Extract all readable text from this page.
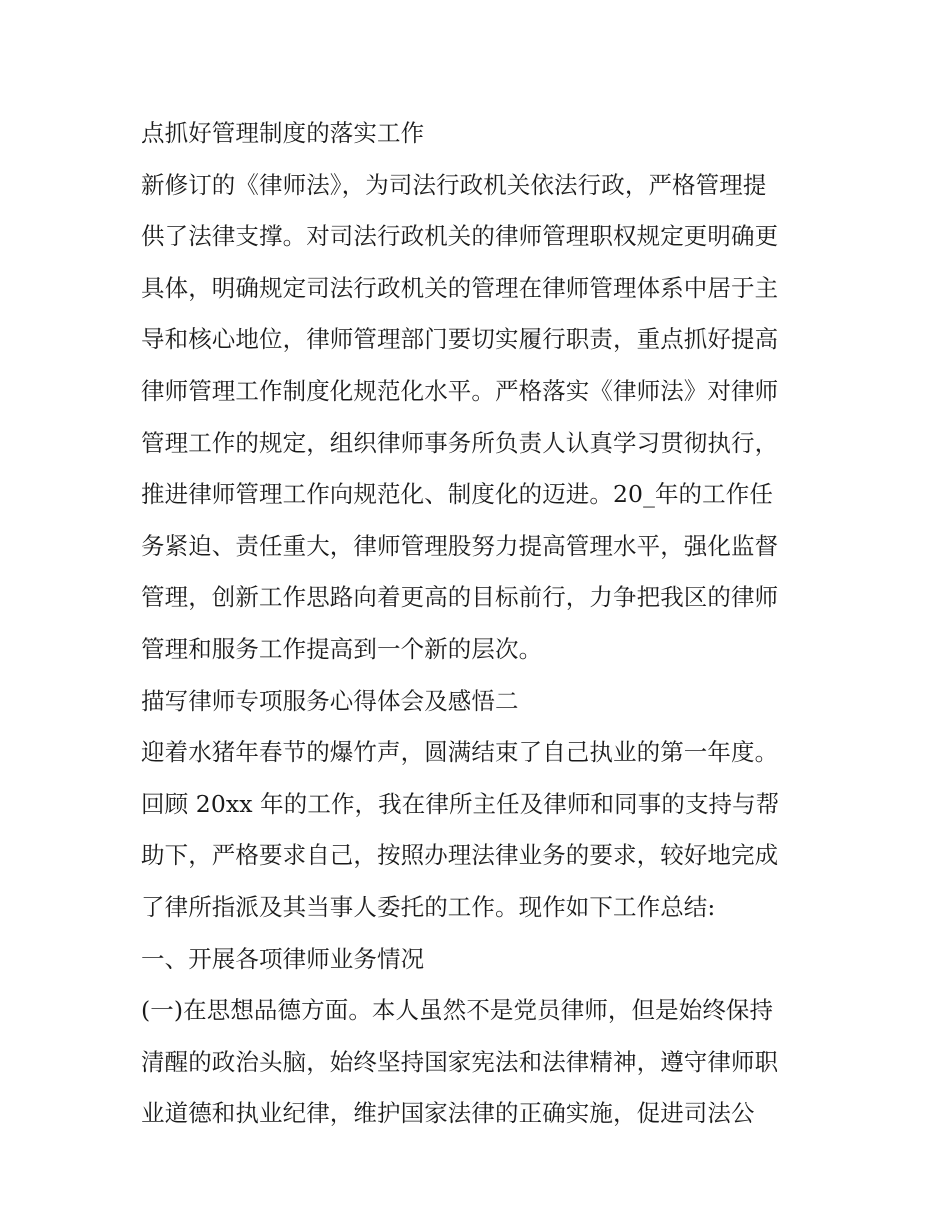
点抓好管理制度的落实工作
新修订的《律师法》，为司法行政机关依法行政，严格管理提
供了法律支撑。对司法行政机关的律师管理职权规定更明确更
具体，明确规定司法行政机关的管理在律师管理体系中居于主
导和核心地位，律师管理部门要切实履行职责，重点抓好提高
律师管理工作制度化规范化水平。严格落实《律师法》对律师
管理工作的规定，组织律师事务所负责人认真学习贯彻执行，
推进律师管理工作向规范化、制度化的迈进。20_年的工作任
务紧迫、责任重大，律师管理股努力提高管理水平，强化监督
管理，创新工作思路向着更高的目标前行，力争把我区的律师
管理和服务工作提高到一个新的层次。
描写律师专项服务心得体会及感悟二
迎着水猪年春节的爆竹声，圆满结束了自己执业的第一年度。
回顾 20xx 年的工作，我在律所主任及律师和同事的支持与帮
助下，严格要求自己，按照办理法律业务的要求，较好地完成
了律所指派及其当事人委托的工作。现作如下工作总结:
一、开展各项律师业务情况
(一)在思想品德方面。本人虽然不是党员律师，但是始终保持
清醒的政治头脑，始终坚持国家宪法和法律精神，遵守律师职
业道德和执业纪律，维护国家法律的正确实施，促进司法公
